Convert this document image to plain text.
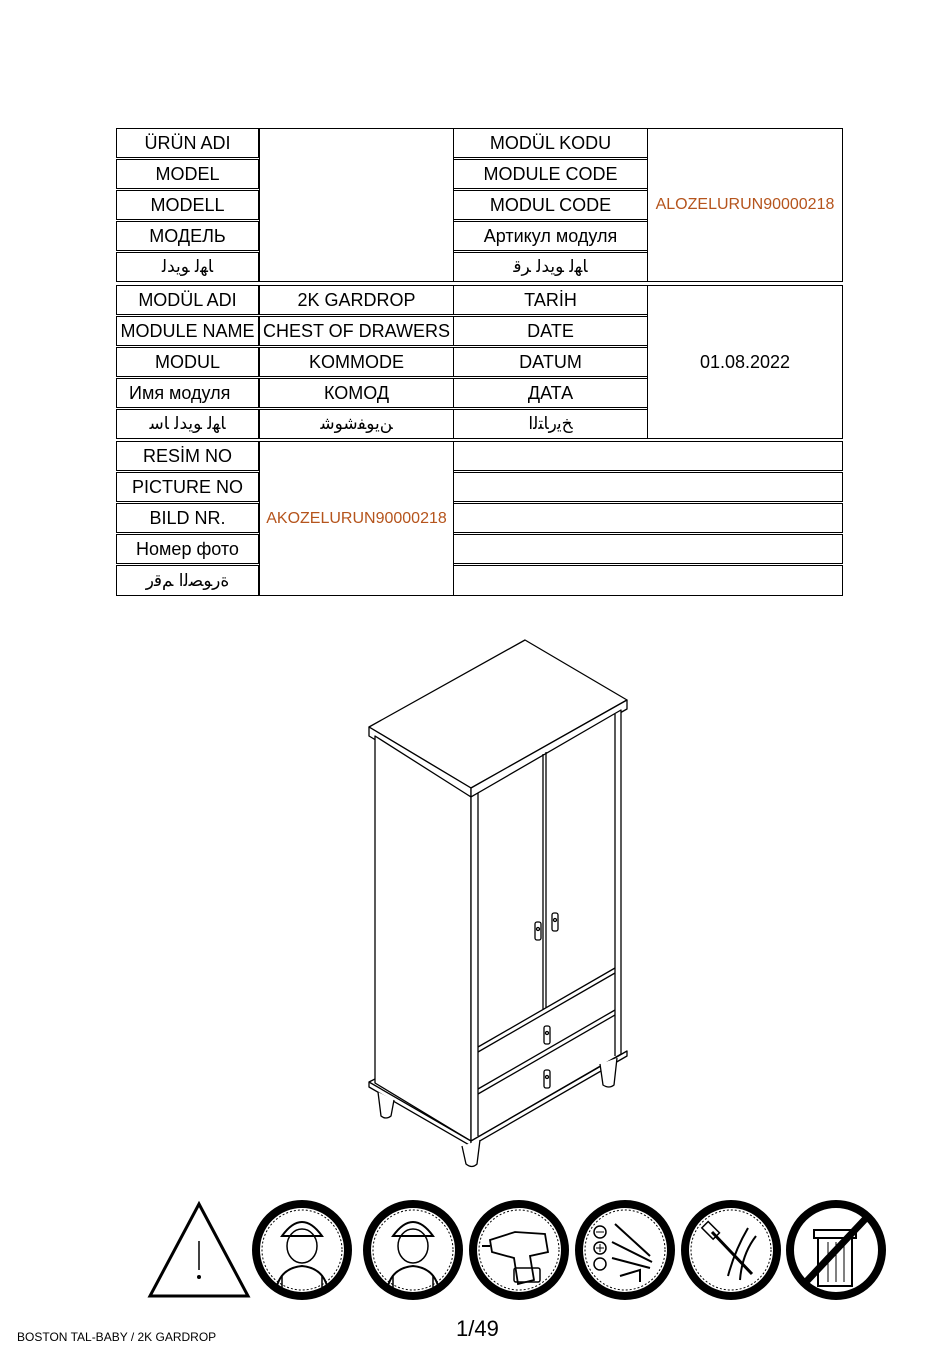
ÜRÜN ADI
MODEL
MODELL
МОДЕЛЬ
ﺎﻬﻟ ﻮﻳﺪﻟ
MODÜL KODU
MODULE CODE
MODUL CODE
Артикул модуля
ﺎﻬﻟ ﻮﻳﺪﻟ ﺮﻗ
ALOZELURUN90000218
MODÜL ADI
MODULE NAME
MODUL
Имя модуля
ﺎﻬﻟ ﻮﻳﺪﻟ ﺎﺳ
2K GARDROP
CHEST OF DRAWERS
KOMMODE
КОМОД
ﻦﻳﻮﻔﺷﻮﺷ
TARİH
DATE
DATUM
ДАТА
ﺦﻳﺭﺎﺘﻟﺍ
01.08.2022
RESİM NO
PICTURE NO
BILD NR.
Номер фото
ﺓﺭﻮﺼﻟﺍ ﻢﻗﺭ
AKOZELURUN90000218
BOSTON TAL-BABY / 2K GARDROP	1/49
